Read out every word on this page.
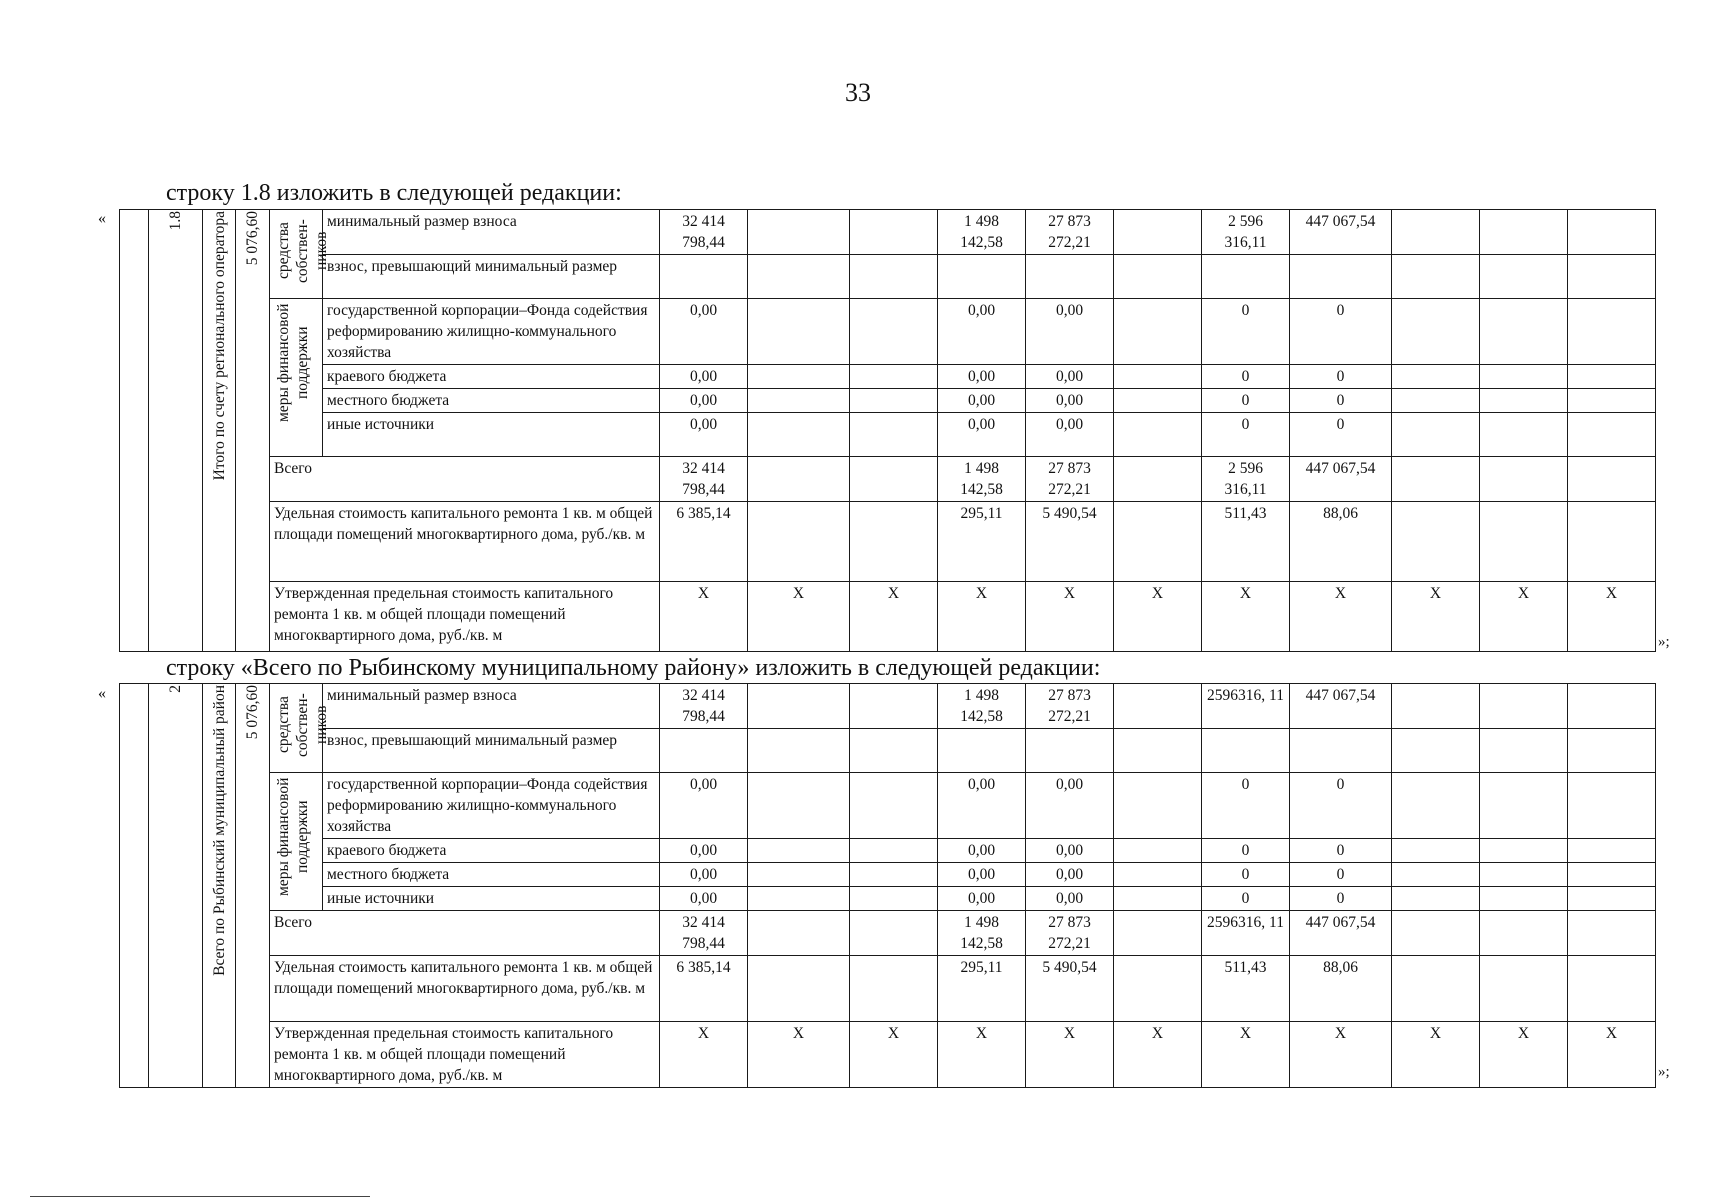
33
строку 1.8 изложить в следующей редакции:
«
»;

	1.8	Итого по счету регионального оператора	5 076,60	средства собствен-ников	минимальный размер взноса	32 414 798,44			1 498 142,58	27 873 272,21		2 596 316,11	447 067,54			
					взнос, превышающий минимальный размер											

				меры финансовой поддержки	государственной корпорации–Фонда содействия реформированию жилищно-коммунального хозяйства	0,00			0,00	0,00		0	0			
					краевого бюджета	0,00			0,00	0,00		0	0			
					местного бюджета	0,00			0,00	0,00		0	0			
					иные источники	0,00			0,00	0,00		0	0			
				Всего		32 414 798,44			1 498 142,58	27 873 272,21		2 596 316,11	447 067,54			
				Удельная стоимость капитального ремонта 1 кв. м общей площади помещений многоквартирного дома, руб./кв. м		6 385,14			295,11	5 490,54		511,43	88,06			
				Утвержденная предельная стоимость капитального ремонта 1 кв. м общей площади помещений многоквартирного дома, руб./кв. м		X	X	X	X	X	X	X	X	X	X	X
строку «Всего по Рыбинскому муниципальному району» изложить в следующей редакции:
«
»;

	2	Всего по Рыбинский муниципальный район	5 076,60	средства собствен-ников	минимальный размер взноса	32 414 798,44			1 498 142,58	27 873 272,21		2596316, 11	447 067,54			
					взнос, превышающий минимальный размер											

				меры финансовой поддержки	государственной корпорации–Фонда содействия реформированию жилищно-коммунального хозяйства	0,00			0,00	0,00		0	0			
					краевого бюджета	0,00			0,00	0,00		0	0			
					местного бюджета	0,00			0,00	0,00		0	0			
					иные источники	0,00			0,00	0,00		0	0			
				Всего		32 414 798,44			1 498 142,58	27 873 272,21		2596316, 11	447 067,54			
				Удельная стоимость капитального ремонта 1 кв. м общей площади помещений многоквартирного дома, руб./кв. м		6 385,14			295,11	5 490,54		511,43	88,06			
				Утвержденная предельная стоимость капитального ремонта 1 кв. м общей площади помещений многоквартирного дома, руб./кв. м		X	X	X	X	X	X	X	X	X	X	X
